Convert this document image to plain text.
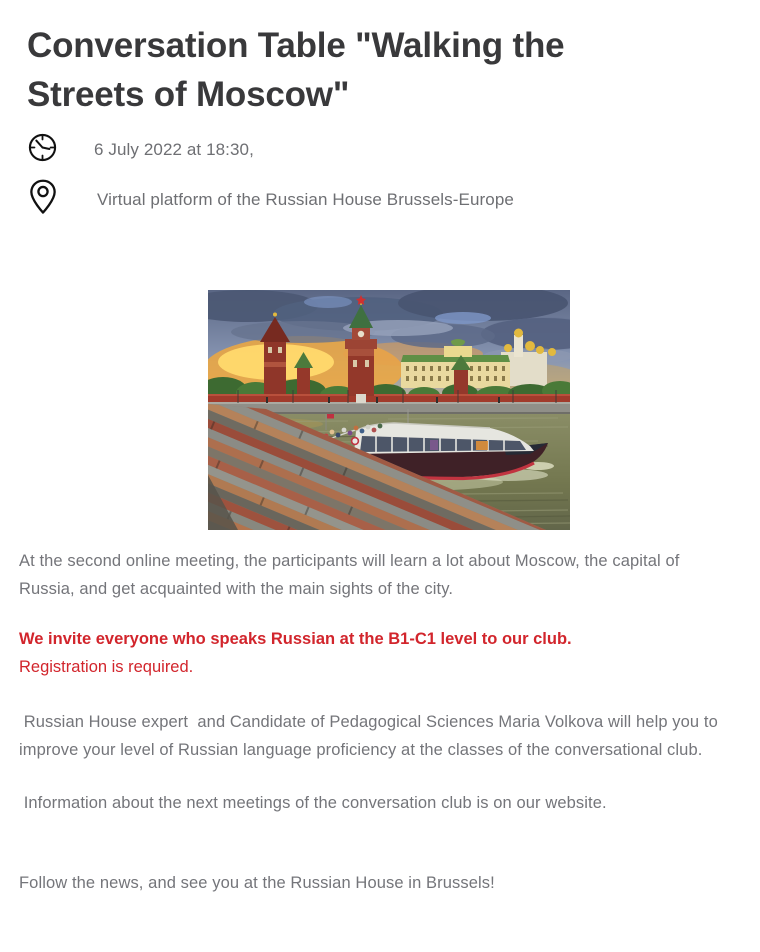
Conversation Table "Walking the Streets of Moscow"
6 July 2022 at 18:30,
Virtual platform of the Russian House Brussels-Europe

At the second online meeting, the participants will learn a lot about Moscow, the capital of Russia, and get acquainted with the main sights of the city.

We invite everyone who speaks Russian at the B1-C1 level to our club.
Registration is required.

Russian House expert  and Candidate of Pedagogical Sciences Maria Volkova will help you to improve your level of Russian language proficiency at the classes of the conversational club.

Information about the next meetings of the conversation club is on our website.

Follow the news, and see you at the Russian House in Brussels!
